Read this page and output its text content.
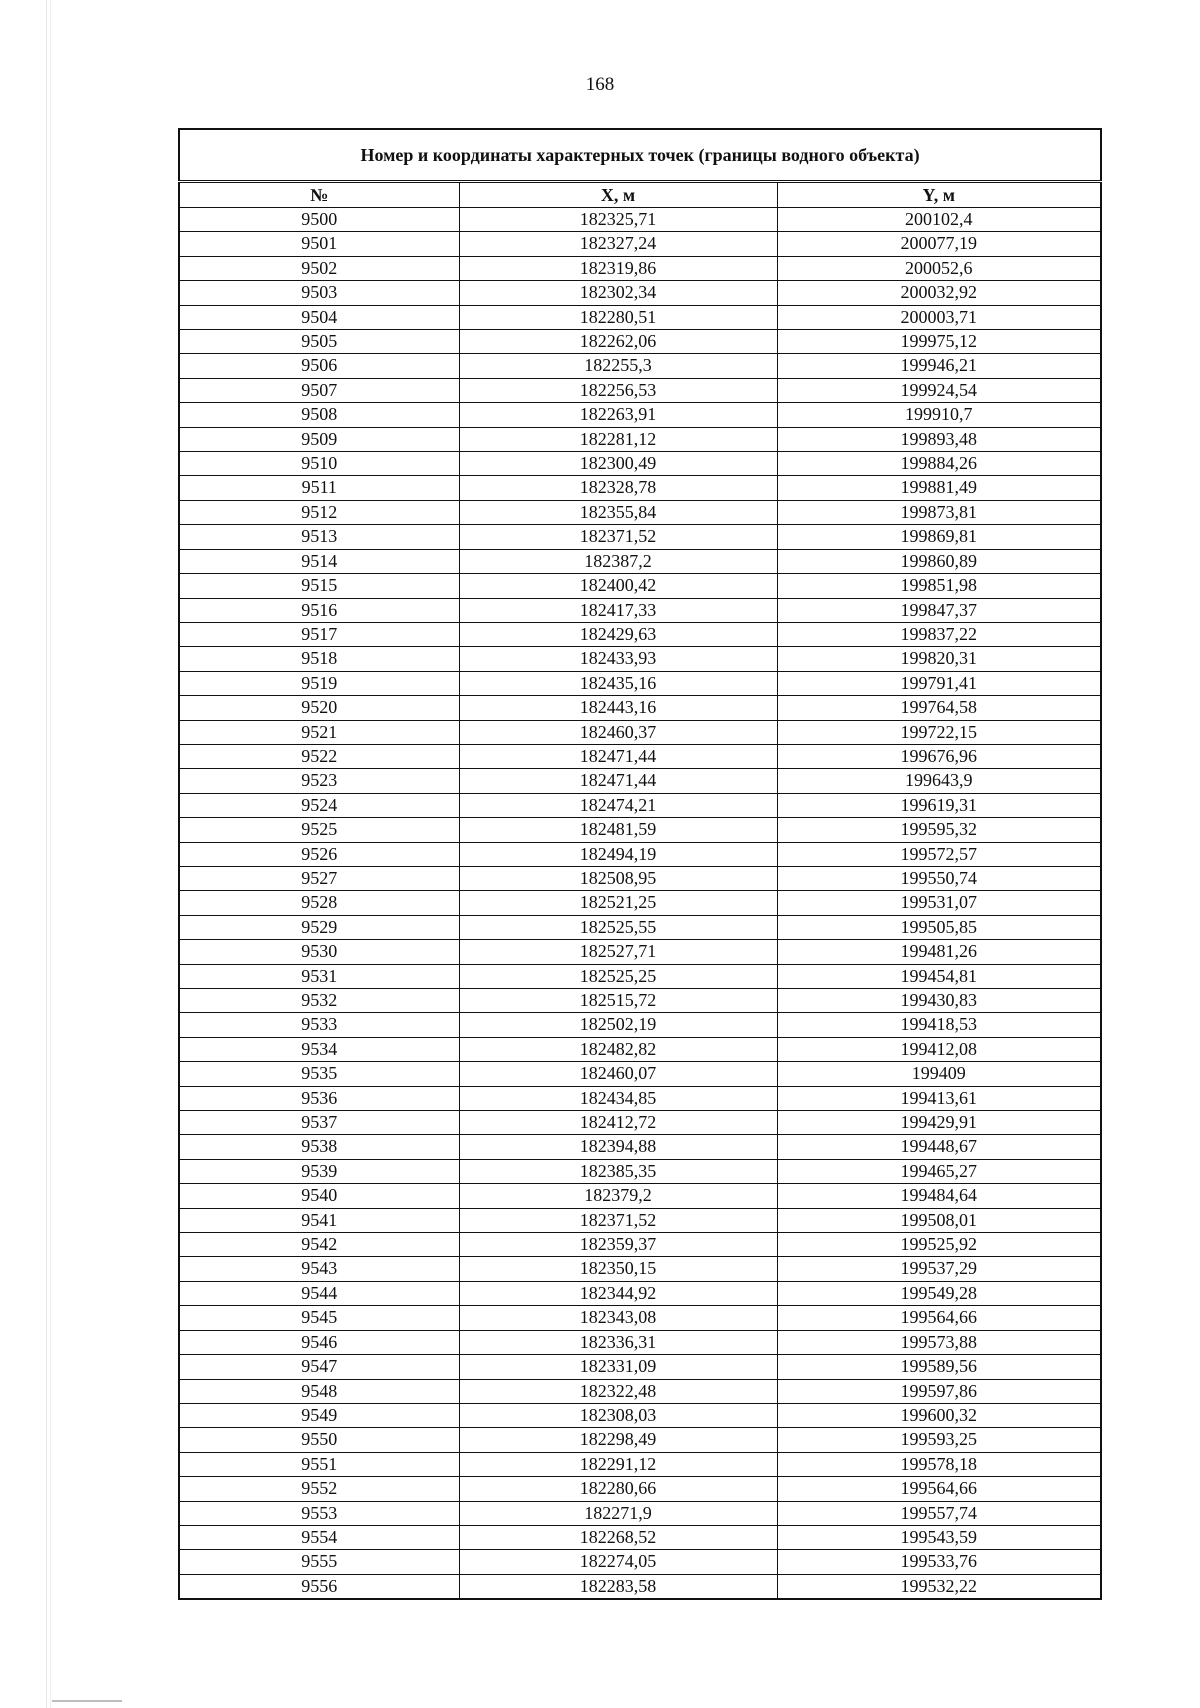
168
Номер и координаты характерных точек (границы водного объекта)		
№	X, м	Y, м
9500	182325,71	200102,4
9501	182327,24	200077,19
9502	182319,86	200052,6
9503	182302,34	200032,92
9504	182280,51	200003,71
9505	182262,06	199975,12
9506	182255,3	199946,21
9507	182256,53	199924,54
9508	182263,91	199910,7
9509	182281,12	199893,48
9510	182300,49	199884,26
9511	182328,78	199881,49
9512	182355,84	199873,81
9513	182371,52	199869,81
9514	182387,2	199860,89
9515	182400,42	199851,98
9516	182417,33	199847,37
9517	182429,63	199837,22
9518	182433,93	199820,31
9519	182435,16	199791,41
9520	182443,16	199764,58
9521	182460,37	199722,15
9522	182471,44	199676,96
9523	182471,44	199643,9
9524	182474,21	199619,31
9525	182481,59	199595,32
9526	182494,19	199572,57
9527	182508,95	199550,74
9528	182521,25	199531,07
9529	182525,55	199505,85
9530	182527,71	199481,26
9531	182525,25	199454,81
9532	182515,72	199430,83
9533	182502,19	199418,53
9534	182482,82	199412,08
9535	182460,07	199409
9536	182434,85	199413,61
9537	182412,72	199429,91
9538	182394,88	199448,67
9539	182385,35	199465,27
9540	182379,2	199484,64
9541	182371,52	199508,01
9542	182359,37	199525,92
9543	182350,15	199537,29
9544	182344,92	199549,28
9545	182343,08	199564,66
9546	182336,31	199573,88
9547	182331,09	199589,56
9548	182322,48	199597,86
9549	182308,03	199600,32
9550	182298,49	199593,25
9551	182291,12	199578,18
9552	182280,66	199564,66
9553	182271,9	199557,74
9554	182268,52	199543,59
9555	182274,05	199533,76
9556	182283,58	199532,22
